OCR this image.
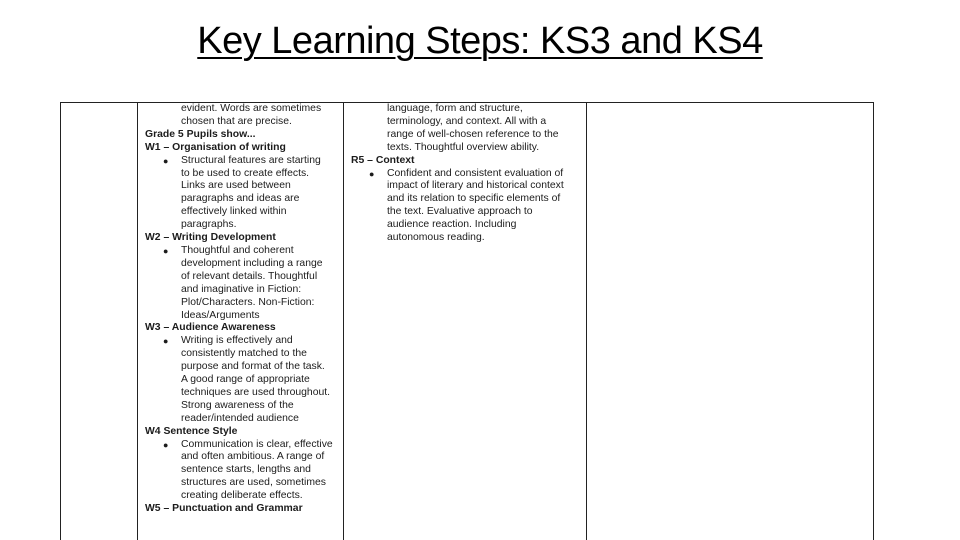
Key Learning Steps: KS3 and KS4
evident. Words are sometimes
chosen that are precise.
Grade 5 Pupils show...
W1 – Organisation of writing
● Structural features are starting
to be used to create effects.
Links are used between
paragraphs and ideas are
effectively linked within
paragraphs.
W2 – Writing Development
● Thoughtful and coherent
development including a range
of relevant details. Thoughtful
and imaginative in Fiction:
Plot/Characters. Non-Fiction:
Ideas/Arguments
W3 – Audience Awareness
● Writing is effectively and
consistently matched to the
purpose and format of the task.
A good range of appropriate
techniques are used throughout.
Strong awareness of the
reader/intended audience
W4 Sentence Style
● Communication is clear, effective
and often ambitious. A range of
sentence starts, lengths and
structures are used, sometimes
creating deliberate effects.
W5 – Punctuation and Grammar
language, form and structure,
terminology, and context. All with a
range of well-chosen reference to the
texts. Thoughtful overview ability.
R5 – Context
● Confident and consistent evaluation of
impact of literary and historical context
and its relation to specific elements of
the text. Evaluative approach to
audience reaction. Including
autonomous reading.
